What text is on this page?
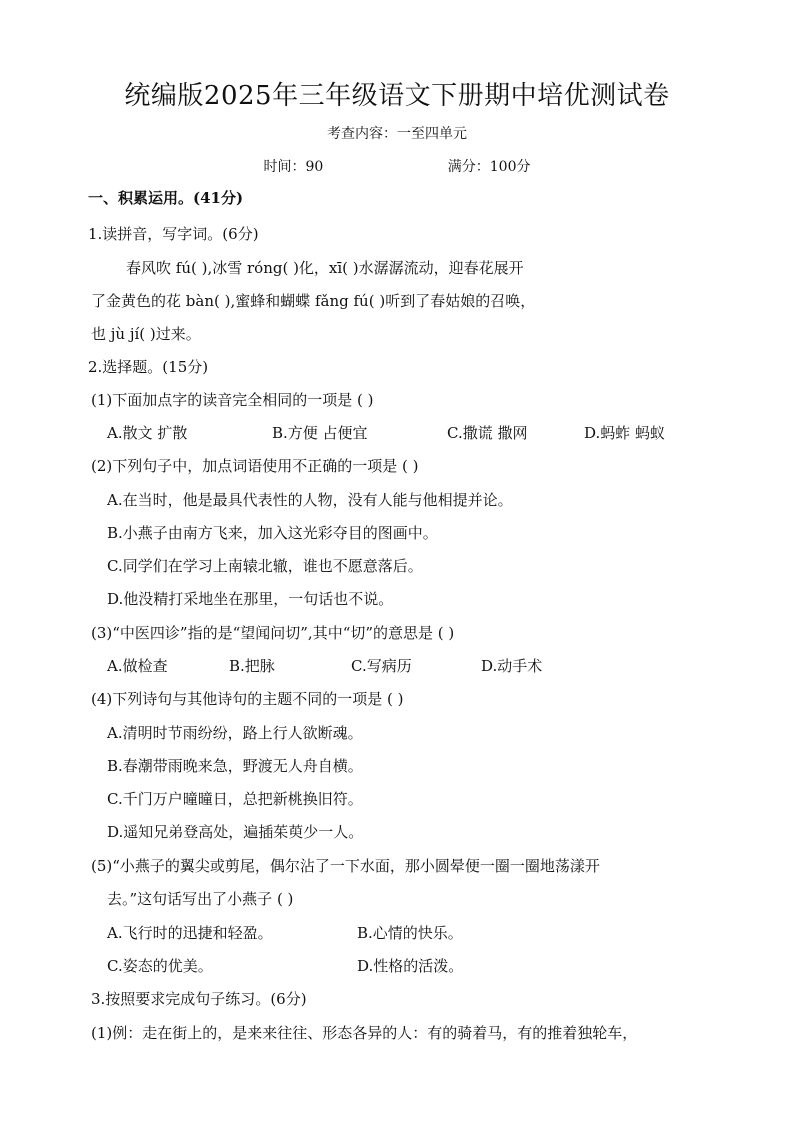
统编版2025年三年级语文下册期中培优测试卷
考查内容：一至四单元
时间：90	满分：100分
一、积累运用。(41分)
1.读拼音，写字词。(6分)
春风吹 fú( ),冰雪 róng( )化，xī( )水潺潺流动，迎春花展开
了金黄色的花 bàn( ),蜜蜂和蝴蝶 fǎng fú( )听到了春姑娘的召唤，
也 jù jí( )过来。
2.选择题。(15分)
(1)下面加点字的读音完全相同的一项是 ( )
A.散文 扩散	B.方便 占便宜	C.撒谎 撒网	D.蚂蚱 蚂蚁
(2)下列句子中，加点词语使用不正确的一项是 ( )
A.在当时，他是最具代表性的人物，没有人能与他相提并论。
B.小燕子由南方飞来，加入这光彩夺目的图画中。
C.同学们在学习上南辕北辙，谁也不愿意落后。
D.他没精打采地坐在那里，一句话也不说。
(3)“中医四诊”指的是“望闻问切”,其中“切”的意思是 ( )
A.做检查	B.把脉	C.写病历	D.动手术
(4)下列诗句与其他诗句的主题不同的一项是 ( )
A.清明时节雨纷纷，路上行人欲断魂。
B.春潮带雨晚来急，野渡无人舟自横。
C.千门万户曈曈日，总把新桃换旧符。
D.遥知兄弟登高处，遍插茱萸少一人。
(5)“小燕子的翼尖或剪尾，偶尔沾了一下水面，那小圆晕便一圈一圈地荡漾开
去。”这句话写出了小燕子 ( )
A.飞行时的迅捷和轻盈。	B.心情的快乐。
C.姿态的优美。	D.性格的活泼。
3.按照要求完成句子练习。(6分)
(1)例：走在街上的，是来来往往、形态各异的人：有的骑着马，有的推着独轮车，
